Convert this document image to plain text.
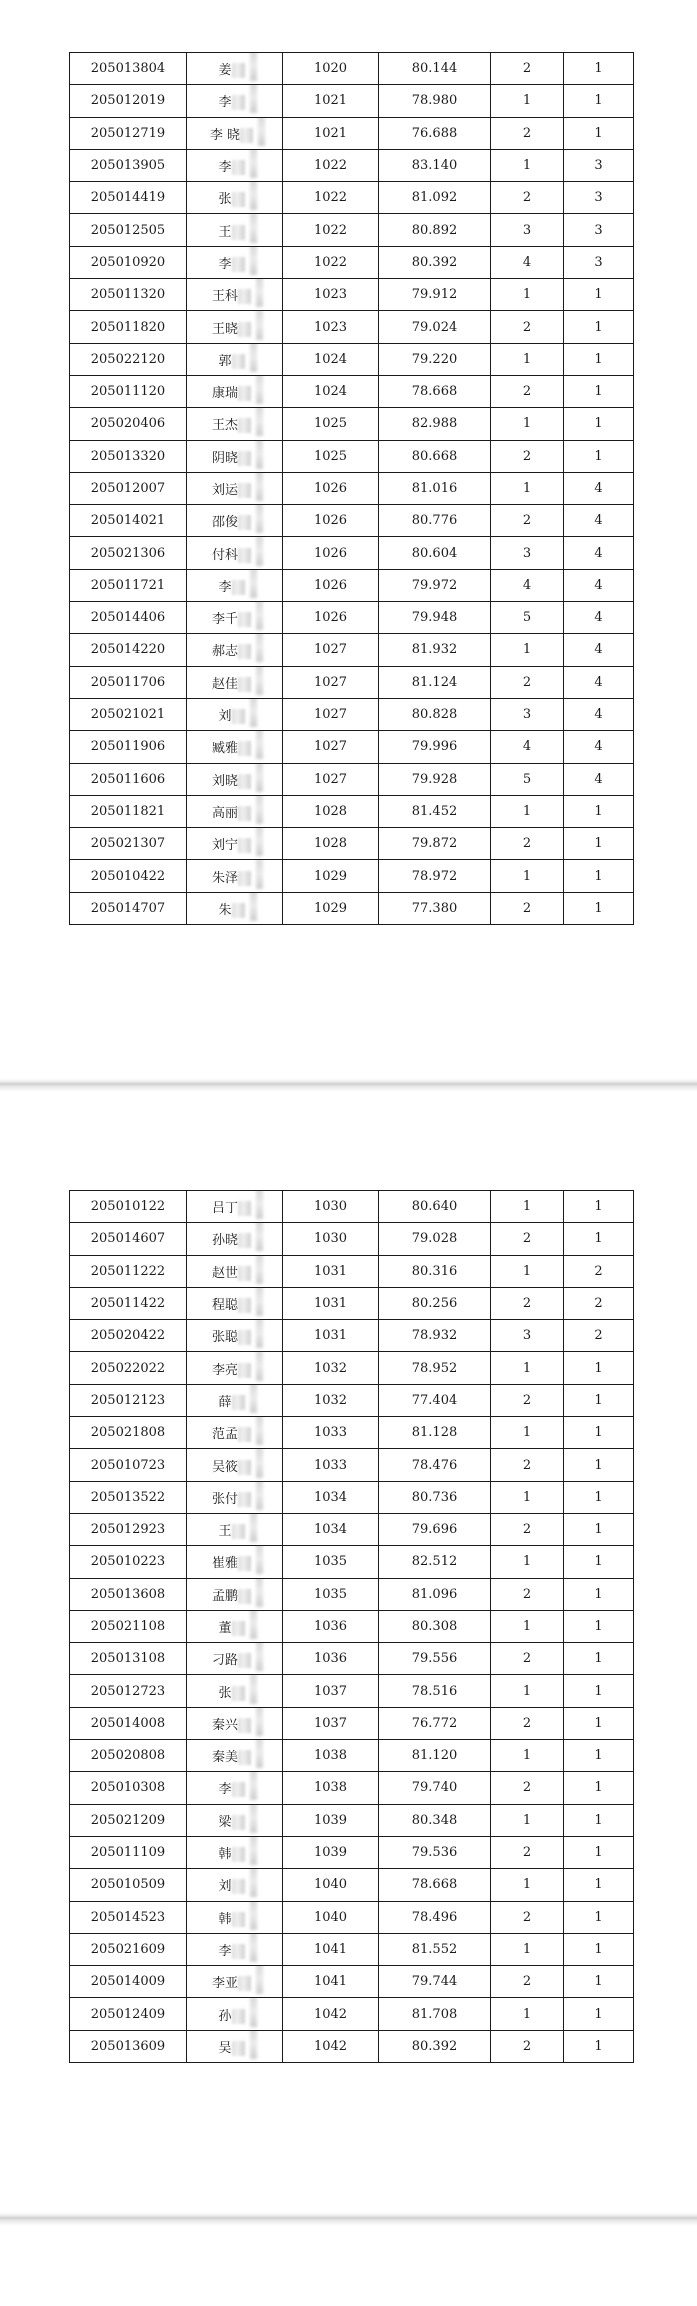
205013804	姜	1020	80.144	2	1
205012019	李	1021	78.980	1	1
205012719	李 晓	1021	76.688	2	1
205013905	李	1022	83.140	1	3
205014419	张	1022	81.092	2	3
205012505	王	1022	80.892	3	3
205010920	李	1022	80.392	4	3
205011320	王科	1023	79.912	1	1
205011820	王晓	1023	79.024	2	1
205022120	郭	1024	79.220	1	1
205011120	康瑞	1024	78.668	2	1
205020406	王杰	1025	82.988	1	1
205013320	阴晓	1025	80.668	2	1
205012007	刘运	1026	81.016	1	4
205014021	邵俊	1026	80.776	2	4
205021306	付科	1026	80.604	3	4
205011721	李	1026	79.972	4	4
205014406	李千	1026	79.948	5	4
205014220	郝志	1027	81.932	1	4
205011706	赵佳	1027	81.124	2	4
205021021	刘	1027	80.828	3	4
205011906	臧雅	1027	79.996	4	4
205011606	刘晓	1027	79.928	5	4
205011821	高丽	1028	81.452	1	1
205021307	刘宁	1028	79.872	2	1
205010422	朱泽	1029	78.972	1	1
205014707	朱	1029	77.380	2	1
205010122	吕丁	1030	80.640	1	1
205014607	孙晓	1030	79.028	2	1
205011222	赵世	1031	80.316	1	2
205011422	程聪	1031	80.256	2	2
205020422	张聪	1031	78.932	3	2
205022022	李亮	1032	78.952	1	1
205012123	薛	1032	77.404	2	1
205021808	范孟	1033	81.128	1	1
205010723	吴筱	1033	78.476	2	1
205013522	张付	1034	80.736	1	1
205012923	王	1034	79.696	2	1
205010223	崔雅	1035	82.512	1	1
205013608	孟鹏	1035	81.096	2	1
205021108	董	1036	80.308	1	1
205013108	刁路	1036	79.556	2	1
205012723	张	1037	78.516	1	1
205014008	秦兴	1037	76.772	2	1
205020808	秦美	1038	81.120	1	1
205010308	李	1038	79.740	2	1
205021209	梁	1039	80.348	1	1
205011109	韩	1039	79.536	2	1
205010509	刘	1040	78.668	1	1
205014523	韩	1040	78.496	2	1
205021609	李	1041	81.552	1	1
205014009	李亚	1041	79.744	2	1
205012409	孙	1042	81.708	1	1
205013609	吴	1042	80.392	2	1
